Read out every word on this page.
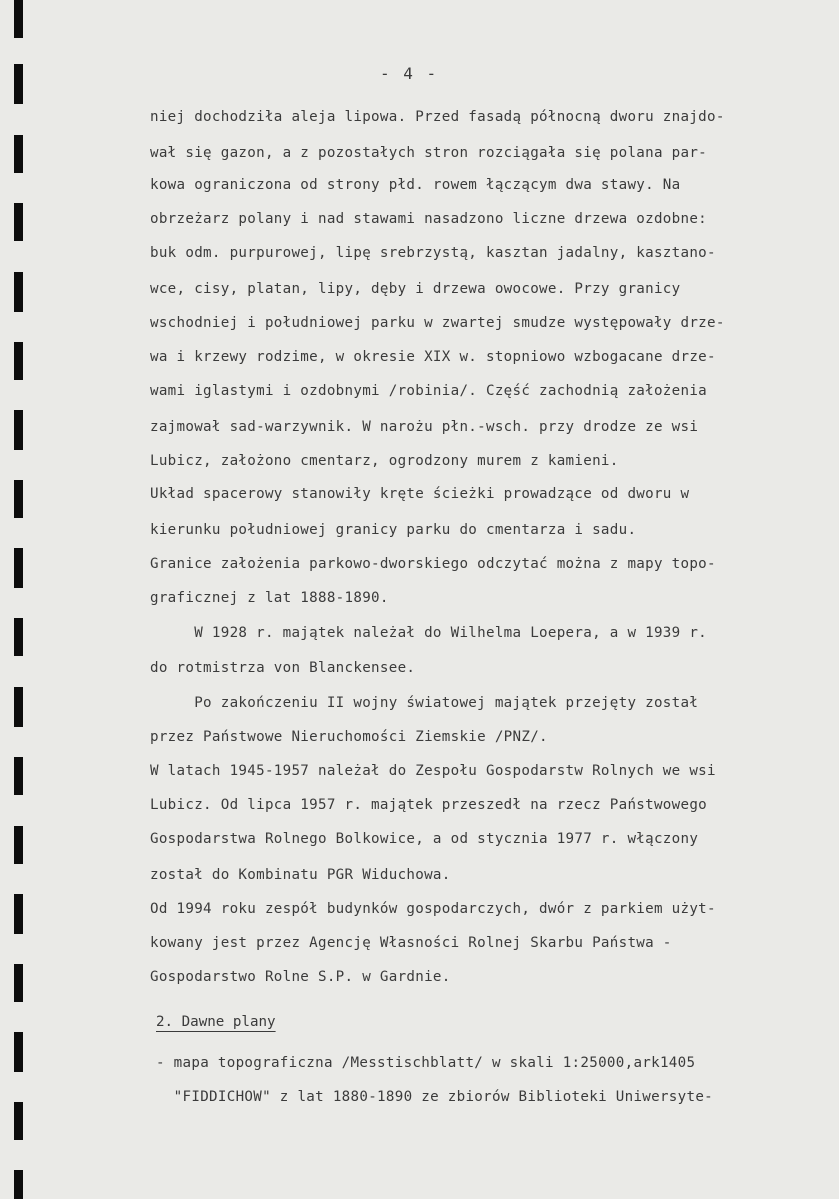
- 4 -
niej dochodziła aleja lipowa. Przed fasadą północną dworu znajdo-
wał się gazon, a z pozostałych stron rozciągała się polana par-
kowa ograniczona od strony płd. rowem łączącym dwa stawy. Na
obrzeżarz polany i nad stawami nasadzono liczne drzewa ozdobne:
buk odm. purpurowej, lipę srebrzystą, kasztan jadalny, kasztano-
wce, cisy, platan, lipy, dęby i drzewa owocowe. Przy granicy
wschodniej i południowej parku w zwartej smudze występowały drze-
wa i krzewy rodzime, w okresie XIX w. stopniowo wzbogacane drze-
wami iglastymi i ozdobnymi /robinia/. Część zachodnią założenia
zajmował sad-warzywnik. W narożu płn.-wsch. przy drodze ze wsi
Lubicz, założono cmentarz, ogrodzony murem z kamieni.
Układ spacerowy stanowiły kręte ścieżki prowadzące od dworu w
kierunku południowej granicy parku do cmentarza i sadu.
Granice założenia parkowo-dworskiego odczytać można z mapy topo-
graficznej z lat 1888-1890.
W 1928 r. majątek należał do Wilhelma Loepera, a w 1939 r.
do rotmistrza von Blanckensee.
Po zakończeniu II wojny światowej majątek przejęty został
przez Państwowe Nieruchomości Ziemskie /PNZ/.
W latach 1945-1957 należał do Zespołu Gospodarstw Rolnych we wsi
Lubicz. Od lipca 1957 r. majątek przeszedł na rzecz Państwowego
Gospodarstwa Rolnego Bolkowice, a od stycznia 1977 r. włączony
został do Kombinatu PGR Widuchowa.
Od 1994 roku zespół budynków gospodarczych, dwór z parkiem użyt-
kowany jest przez Agencję Własności Rolnej Skarbu Państwa -
Gospodarstwo Rolne S.P. w Gardnie.
2. Dawne plany
- mapa topograficzna /Messtischblatt/ w skali 1:25000,ark1405
"FIDDICHOW" z lat 1880-1890 ze zbiorów Biblioteki Uniwersyte-
